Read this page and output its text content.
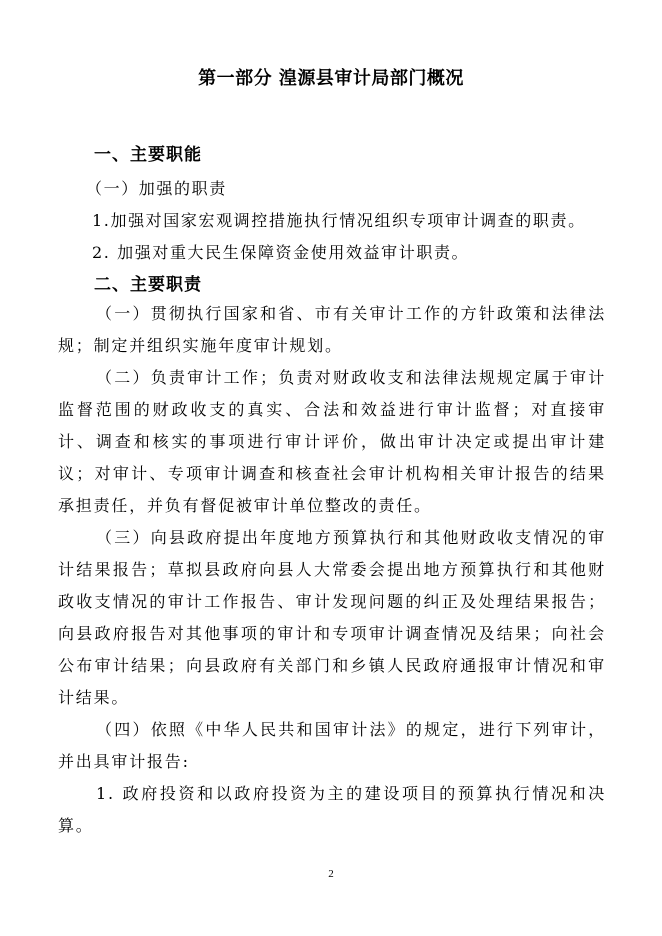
第一部分 湟源县审计局部门概况
一、主要职能
（一）加强的职责
1.加强对国家宏观调控措施执行情况组织专项审计调查的职责。
2. 加强对重大民生保障资金使用效益审计职责。
二、主要职责
（一）贯彻执行国家和省、市有关审计工作的方针政策和法律法规；制定并组织实施年度审计规划。
（二）负责审计工作；负责对财政收支和法律法规规定属于审计监督范围的财政收支的真实、合法和效益进行审计监督；对直接审计、调查和核实的事项进行审计评价，做出审计决定或提出审计建议；对审计、专项审计调查和核查社会审计机构相关审计报告的结果承担责任，并负有督促被审计单位整改的责任。
（三）向县政府提出年度地方预算执行和其他财政收支情况的审计结果报告；草拟县政府向县人大常委会提出地方预算执行和其他财政收支情况的审计工作报告、审计发现问题的纠正及处理结果报告；向县政府报告对其他事项的审计和专项审计调查情况及结果；向社会公布审计结果；向县政府有关部门和乡镇人民政府通报审计情况和审计结果。
（四）依照《中华人民共和国审计法》的规定，进行下列审计，并出具审计报告:
1. 政府投资和以政府投资为主的建设项目的预算执行情况和决算。
2
